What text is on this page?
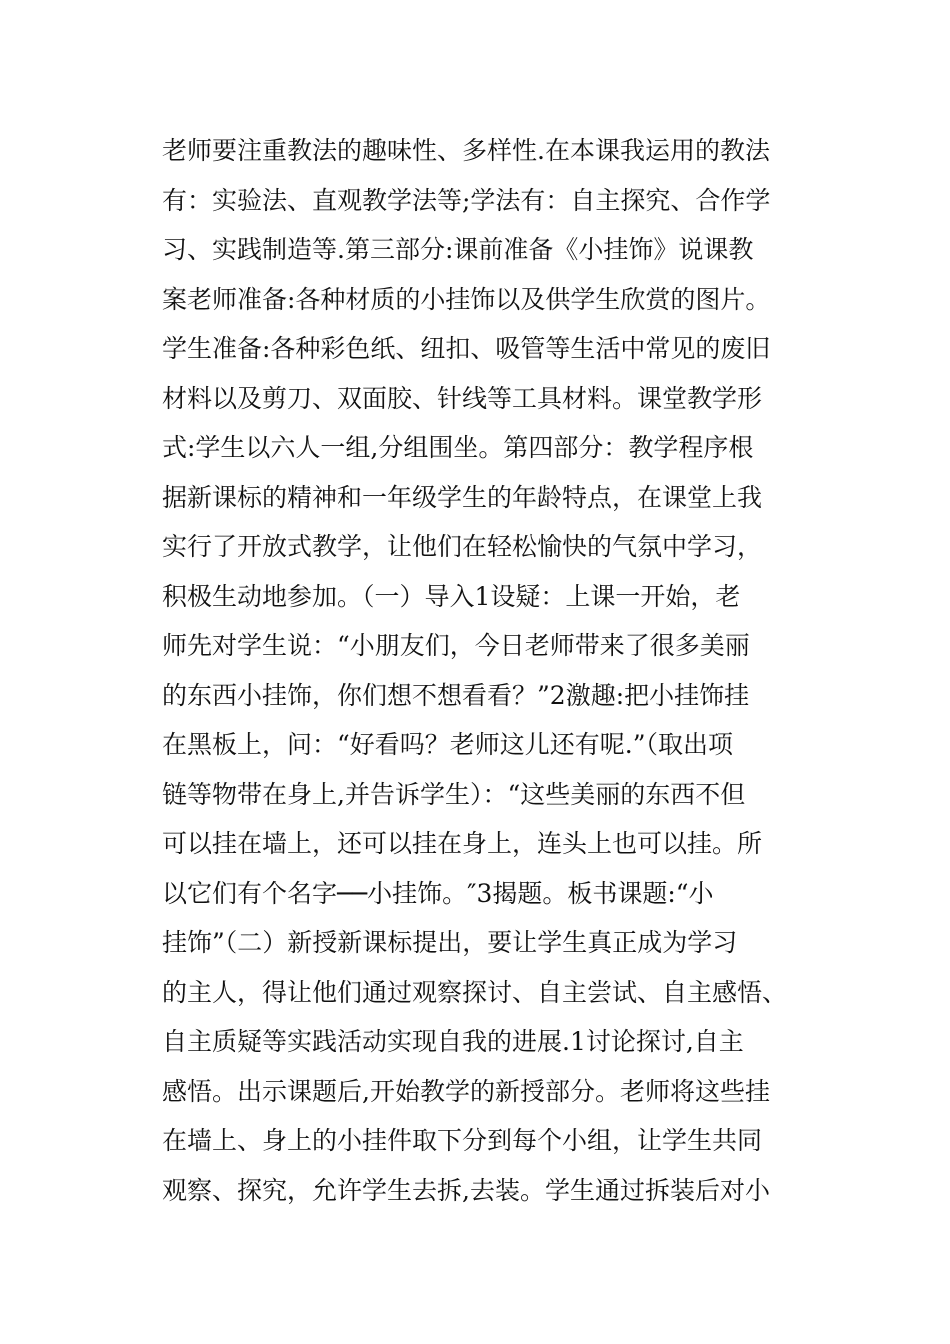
老师要注重教法的趣味性、多样性.在本课我运用的教法
有：实验法、直观教学法等;学法有：自主探究、合作学
习、实践制造等.第三部分:课前准备《小挂饰》说课教
案老师准备:各种材质的小挂饰以及供学生欣赏的图片。
学生准备:各种彩色纸、纽扣、吸管等生活中常见的废旧
材料以及剪刀、双面胶、针线等工具材料。课堂教学形
式:学生以六人一组,分组围坐。第四部分：教学程序根
据新课标的精神和一年级学生的年龄特点，在课堂上我
实行了开放式教学，让他们在轻松愉快的气氛中学习，
积极生动地参加。（一）导入1设疑：上课一开始，老
师先对学生说：“小朋友们，今日老师带来了很多美丽
的东西小挂饰，你们想不想看看？”2激趣:把小挂饰挂
在黑板上，问：“好看吗？老师这儿还有呢.”（取出项
链等物带在身上,并告诉学生）：“这些美丽的东西不但
可以挂在墙上，还可以挂在身上，连头上也可以挂。所
以它们有个名字──小挂饰。″3揭题。板书课题:“小
挂饰”（二）新授新课标提出，要让学生真正成为学习
的主人，得让他们通过观察探讨、自主尝试、自主感悟、
自主质疑等实践活动实现自我的进展.1讨论探讨,自主
感悟。出示课题后,开始教学的新授部分。老师将这些挂
在墙上、身上的小挂件取下分到每个小组，让学生共同
观察、探究，允许学生去拆,去装。学生通过拆装后对小
